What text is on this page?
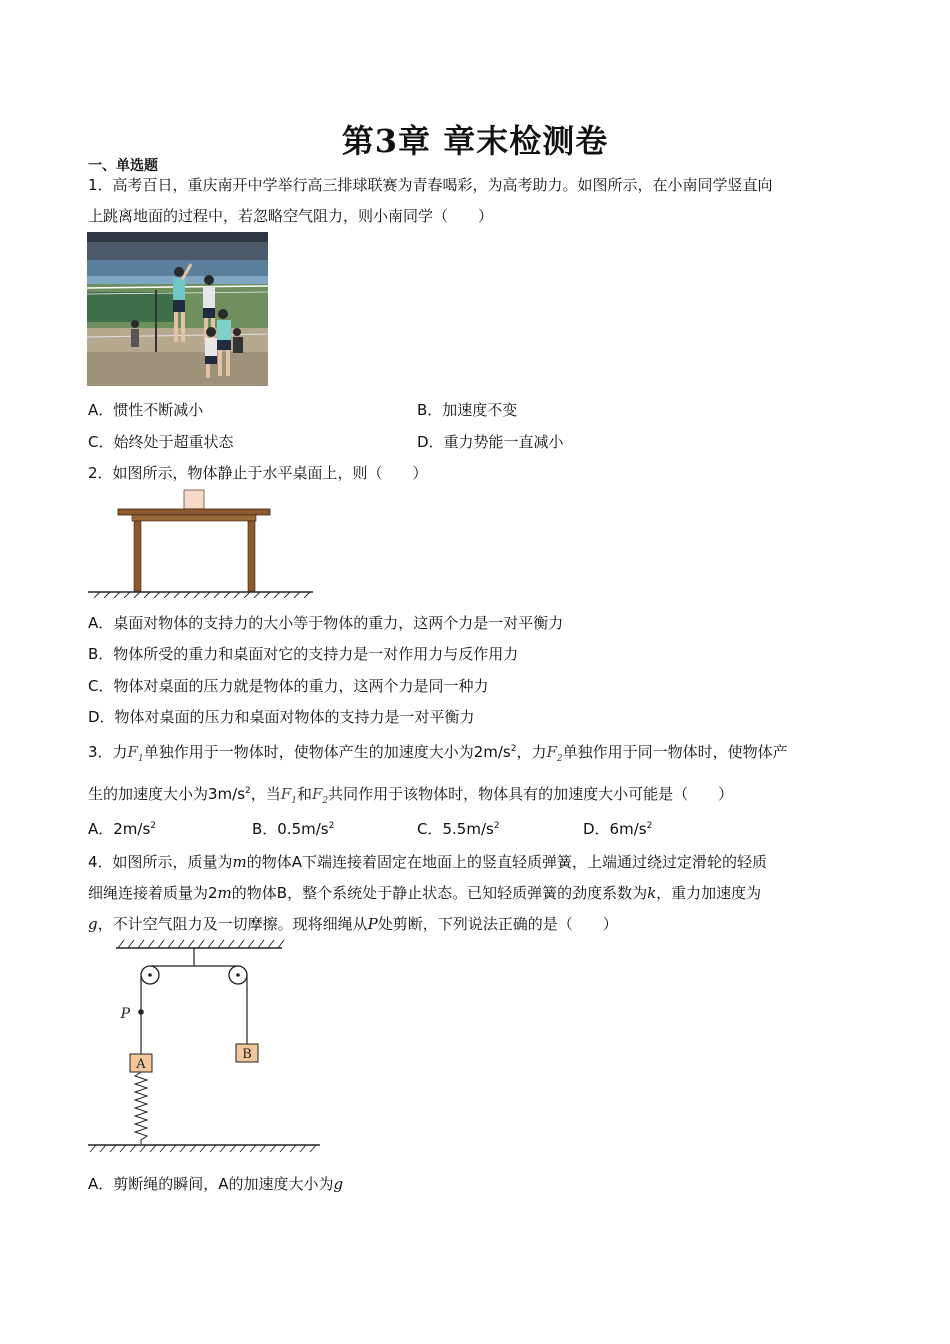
第3章 章末检测卷
一、单选题
1．高考百日，重庆南开中学举行高三排球联赛为青春喝彩，为高考助力。如图所示，在小南同学竖直向
上跳离地面的过程中，若忽略空气阻力，则小南同学（　　）
A．惯性不断减小	B．加速度不变
C．始终处于超重状态	D．重力势能一直减小
2．如图所示，物体静止于水平桌面上，则（　　）
A．桌面对物体的支持力的大小等于物体的重力，这两个力是一对平衡力
B．物体所受的重力和桌面对它的支持力是一对作用力与反作用力
C．物体对桌面的压力就是物体的重力，这两个力是同一种力
D．物体对桌面的压力和桌面对物体的支持力是一对平衡力
3．力$F_1$单独作用于一物体时，使物体产生的加速度大小为$2m/s^2$，力$F_2$单独作用于同一物体时，使物体产
生的加速度大小为$3m/s^2$，当$F_1$和$F_2$共同作用于该物体时，物体具有的加速度大小可能是（　　）
A．$2m/s^2$	B．$0.5m/s^2$	C．$5.5m/s^2$	D．$6m/s^2$
4．如图所示，质量为m的物体A下端连接着固定在地面上的竖直轻质弹簧，上端通过绕过定滑轮的轻质
细绳连接着质量为2m的物体B，整个系统处于静止状态。已知轻质弹簧的劲度系数为k，重力加速度为
g，不计空气阻力及一切摩擦。现将细绳从P处剪断，下列说法正确的是（　　）
P
A
B
A．剪断绳的瞬间，A的加速度大小为g
